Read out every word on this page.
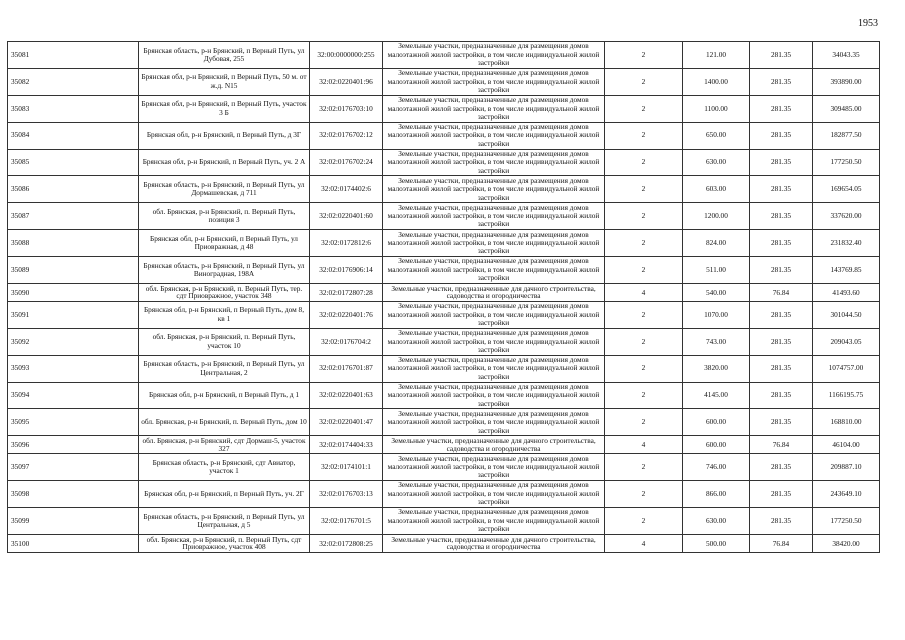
1953
35081	Брянская область, р-н Брянский, п Верный Путь, ул Дубовая, 255	32:00:0000000:255	Земельные участки, предназначенные для размещения домов малоэтажной жилой застройки, в том числе индивидуальной жилой застройки	2	121.00	281.35	34043.35
35082	Брянская обл, р-н Брянский, п Верный Путь, 50 м. от ж.д. N15	32:02:0220401:96	Земельные участки, предназначенные для размещения домов малоэтажной жилой застройки, в том числе индивидуальной жилой застройки	2	1400.00	281.35	393890.00
35083	Брянская обл, р-н Брянский, п Верный Путь, участок 3 Б	32:02:0176703:10	Земельные участки, предназначенные для размещения домов малоэтажной жилой застройки, в том числе индивидуальной жилой застройки	2	1100.00	281.35	309485.00
35084	Брянская обл, р-н Брянский, п Верный Путь, д 3Г	32:02:0176702:12	Земельные участки, предназначенные для размещения домов малоэтажной жилой застройки, в том числе индивидуальной жилой застройки	2	650.00	281.35	182877.50
35085	Брянская обл, р-н Брянский, п Верный Путь, уч. 2 А	32:02:0176702:24	Земельные участки, предназначенные для размещения домов малоэтажной жилой застройки, в том числе индивидуальной жилой застройки	2	630.00	281.35	177250.50
35086	Брянская область, р-н Брянский, п Верный Путь, ул Дормашевская, д 711	32:02:0174402:6	Земельные участки, предназначенные для размещения домов малоэтажной жилой застройки, в том числе индивидуальной жилой застройки	2	603.00	281.35	169654.05
35087	обл. Брянская, р-н Брянский, п. Верный Путь, позиция 3	32:02:0220401:60	Земельные участки, предназначенные для размещения домов малоэтажной жилой застройки, в том числе индивидуальной жилой застройки	2	1200.00	281.35	337620.00
35088	Брянская обл, р-н Брянский, п Верный Путь, ул Приовражная, д 48	32:02:0172812:6	Земельные участки, предназначенные для размещения домов малоэтажной жилой застройки, в том числе индивидуальной жилой застройки	2	824.00	281.35	231832.40
35089	Брянская область, р-н Брянский, п Верный Путь, ул Виноградная, 198А	32:02:0176906:14	Земельные участки, предназначенные для размещения домов малоэтажной жилой застройки, в том числе индивидуальной жилой застройки	2	511.00	281.35	143769.85
35090	обл. Брянская, р-н Брянский, п. Верный Путь, тер. сдт Приовражное, участок 348	32:02:0172807:28	Земельные участки, предназначенные для дачного строительства, садоводства и огородничества	4	540.00	76.84	41493.60
35091	Брянская обл, р-н Брянский, п Верный Путь, дом 8, кв 1	32:02:0220401:76	Земельные участки, предназначенные для размещения домов малоэтажной жилой застройки, в том числе индивидуальной жилой застройки	2	1070.00	281.35	301044.50
35092	обл. Брянская, р-н Брянский, п. Верный Путь, участок 10	32:02:0176704:2	Земельные участки, предназначенные для размещения домов малоэтажной жилой застройки, в том числе индивидуальной жилой застройки	2	743.00	281.35	209043.05
35093	Брянская область, р-н Брянский, п Верный Путь, ул Центральная, 2	32:02:0176701:87	Земельные участки, предназначенные для размещения домов малоэтажной жилой застройки, в том числе индивидуальной жилой застройки	2	3820.00	281.35	1074757.00
35094	Брянская обл, р-н Брянский, п Верный Путь, д 1	32:02:0220401:63	Земельные участки, предназначенные для размещения домов малоэтажной жилой застройки, в том числе индивидуальной жилой застройки	2	4145.00	281.35	1166195.75
35095	обл. Брянская, р-н Брянский, п. Верный Путь, дом 10	32:02:0220401:47	Земельные участки, предназначенные для размещения домов малоэтажной жилой застройки, в том числе индивидуальной жилой застройки	2	600.00	281.35	168810.00
35096	обл. Брянская, р-н Брянский, сдт Дормаш-5, участок 327	32:02:0174404:33	Земельные участки, предназначенные для дачного строительства, садоводства и огородничества	4	600.00	76.84	46104.00
35097	Брянская область, р-н Брянский, сдт Авиатор, участок 1	32:02:0174101:1	Земельные участки, предназначенные для размещения домов малоэтажной жилой застройки, в том числе индивидуальной жилой застройки	2	746.00	281.35	209887.10
35098	Брянская обл, р-н Брянский, п Верный Путь, уч. 2Г	32:02:0176703:13	Земельные участки, предназначенные для размещения домов малоэтажной жилой застройки, в том числе индивидуальной жилой застройки	2	866.00	281.35	243649.10
35099	Брянская область, р-н Брянский, п Верный Путь, ул Центральная, д 5	32:02:0176701:5	Земельные участки, предназначенные для размещения домов малоэтажной жилой застройки, в том числе индивидуальной жилой застройки	2	630.00	281.35	177250.50
35100	обл. Брянская, р-н Брянский, п. Верный Путь, сдт Приовражное, участок 408	32:02:0172808:25	Земельные участки, предназначенные для дачного строительства, садоводства и огородничества	4	500.00	76.84	38420.00
